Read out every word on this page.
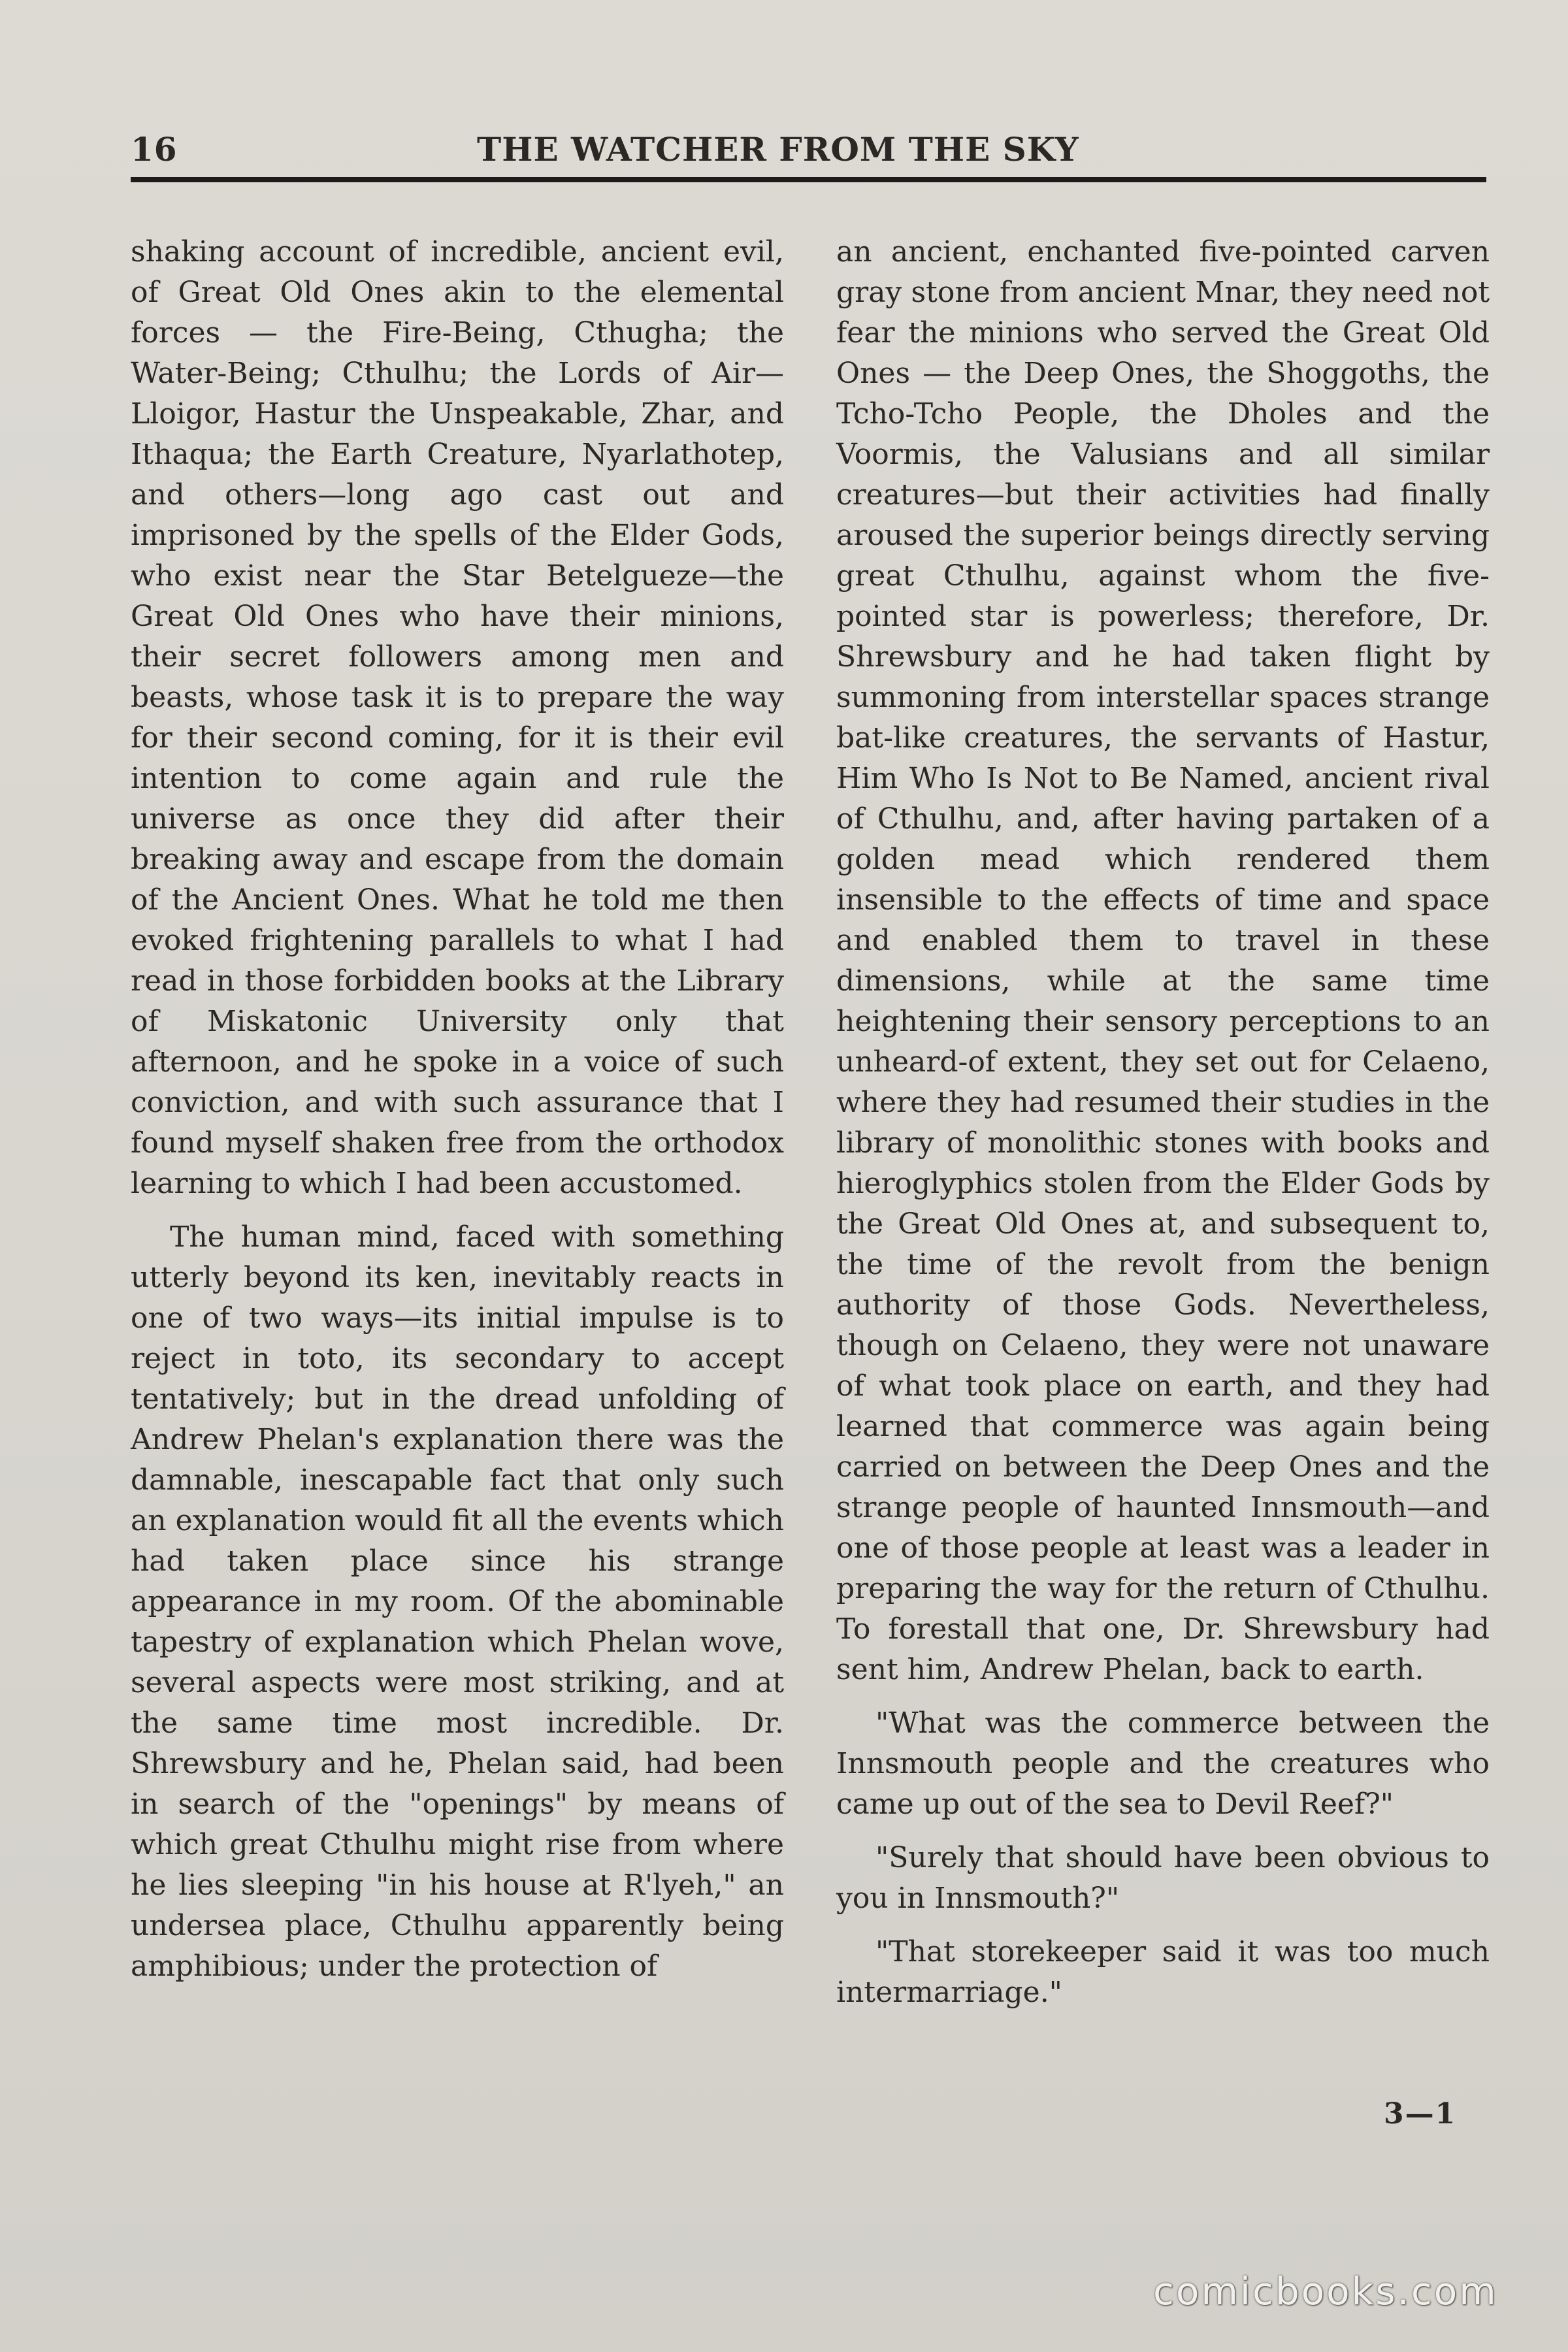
16	THE WATCHER FROM THE SKY

shaking account of incredible, ancient evil, of Great Old Ones akin to the elemental forces — the Fire-Being, Cthugha; the Water-Being; Cthulhu; the Lords of Air—Lloigor, Hastur the Unspeakable, Zhar, and Ithaqua; the Earth Creature, Nyarlathotep, and others—long ago cast out and imprisoned by the spells of the Elder Gods, who exist near the Star Betelgueze—the Great Old Ones who have their minions, their secret followers among men and beasts, whose task it is to prepare the way for their second coming, for it is their evil intention to come again and rule the universe as once they did after their breaking away and escape from the domain of the Ancient Ones. What he told me then evoked frightening parallels to what I had read in those forbidden books at the Library of Miskatonic University only that afternoon, and he spoke in a voice of such conviction, and with such assurance that I found myself shaken free from the orthodox learning to which I had been accustomed.

The human mind, faced with something utterly beyond its ken, inevitably reacts in one of two ways—its initial impulse is to reject in toto, its secondary to accept tentatively; but in the dread unfolding of Andrew Phelan's explanation there was the damnable, inescapable fact that only such an explanation would fit all the events which had taken place since his strange appearance in my room. Of the abominable tapestry of explanation which Phelan wove, several aspects were most striking, and at the same time most incredible. Dr. Shrewsbury and he, Phelan said, had been in search of the "openings" by means of which great Cthulhu might rise from where he lies sleeping "in his house at R'lyeh," an undersea place, Cthulhu apparently being amphibious; under the protection of

an ancient, enchanted five-pointed carven gray stone from ancient Mnar, they need not fear the minions who served the Great Old Ones — the Deep Ones, the Shoggoths, the Tcho-Tcho People, the Dholes and the Voormis, the Valusians and all similar creatures—but their activities had finally aroused the superior beings directly serving great Cthulhu, against whom the five-pointed star is powerless; therefore, Dr. Shrewsbury and he had taken flight by summoning from interstellar spaces strange bat-like creatures, the servants of Hastur, Him Who Is Not to Be Named, ancient rival of Cthulhu, and, after having partaken of a golden mead which rendered them insensible to the effects of time and space and enabled them to travel in these dimensions, while at the same time heightening their sensory perceptions to an unheard-of extent, they set out for Celaeno, where they had resumed their studies in the library of monolithic stones with books and hieroglyphics stolen from the Elder Gods by the Great Old Ones at, and subsequent to, the time of the revolt from the benign authority of those Gods. Nevertheless, though on Celaeno, they were not unaware of what took place on earth, and they had learned that commerce was again being carried on between the Deep Ones and the strange people of haunted Innsmouth—and one of those people at least was a leader in preparing the way for the return of Cthulhu. To forestall that one, Dr. Shrewsbury had sent him, Andrew Phelan, back to earth.

"What was the commerce between the Innsmouth people and the creatures who came up out of the sea to Devil Reef?"

"Surely that should have been obvious to you in Innsmouth?"

"That storekeeper said it was too much intermarriage."

3—1
comicbooks.com
